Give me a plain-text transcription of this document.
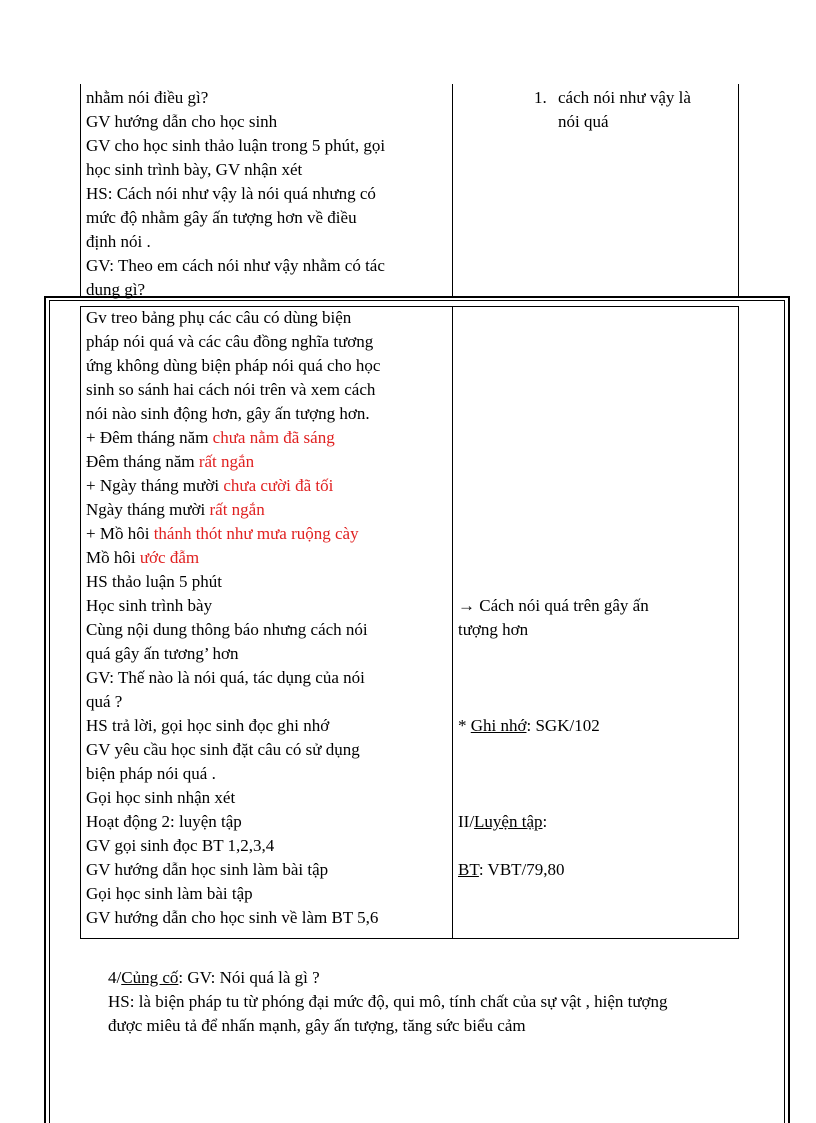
nhằm nói điều gì?
GV hướng dẫn cho học sinh
GV cho học sinh thảo luận trong 5 phút, gọi
học sinh trình bày, GV nhận xét
HS: Cách nói như vậy là nói quá nhưng có
mức độ nhằm gây ấn tượng hơn về điều
định nói .
GV: Theo em cách nói như vậy nhằm có tác
dụng gì?
1. cách nói như vậy là
nói quá
Gv treo bảng phụ các câu có dùng biện
pháp nói quá và các câu đồng nghĩa tương
ứng không dùng biện pháp nói quá cho học
sinh so sánh hai cách nói trên và xem cách
nói nào sinh động hơn, gây ấn tượng hơn.
+ Đêm tháng năm chưa nằm đã sáng
Đêm tháng năm rất ngắn
+ Ngày tháng mười chưa cười đã tối
Ngày tháng mười rất ngắn
+ Mồ hôi thánh thót như mưa ruộng cày
Mồ hôi ước đẫm
HS thảo luận 5 phút
Học sinh trình bày
Cùng nội dung thông báo nhưng cách nói
quá gây ấn tương’ hơn
GV: Thế nào là nói quá, tác dụng của nói
quá ?
HS trả lời, gọi học sinh đọc ghi nhớ
GV yêu cầu học sinh đặt câu có sử dụng
biện pháp nói quá .
Gọi học sinh nhận xét
Hoạt động 2: luyện tập
GV gọi sinh đọc BT 1,2,3,4
GV hướng dẫn học sinh làm bài tập
Gọi học sinh làm bài tập
GV hướng dẫn cho học sinh về làm BT 5,6
→ Cách nói quá trên gây ấn
tượng hơn
* Ghi nhớ: SGK/102
II/Luyện tập:
BT: VBT/79,80
4/Củng cố: GV: Nói quá là gì ?
HS: là biện pháp tu từ phóng đại mức độ, qui mô, tính chất của sự vật , hiện tượng
được miêu tả để nhấn mạnh, gây ấn tượng, tăng sức biểu cảm
